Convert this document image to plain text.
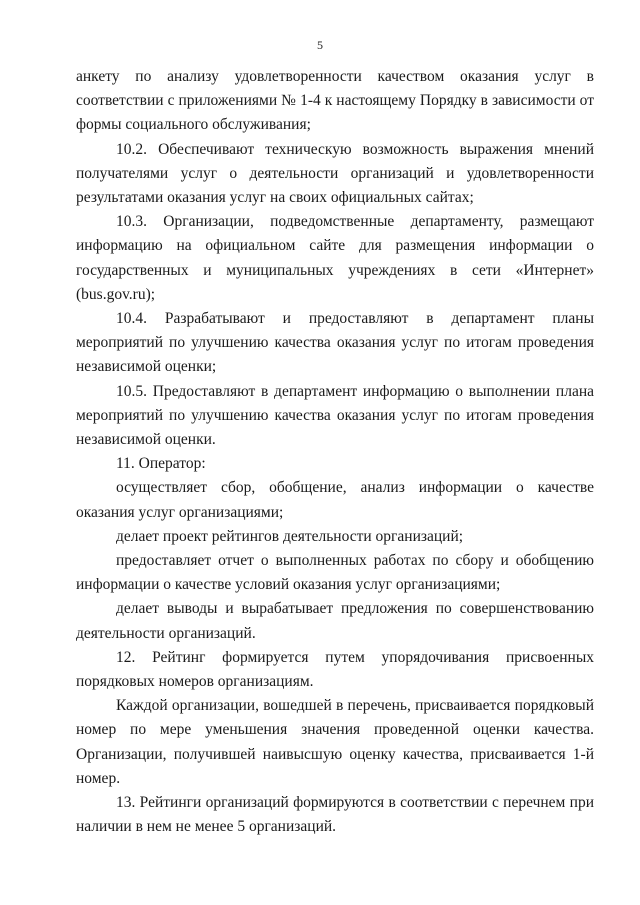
5

анкету по анализу удовлетворенности качеством оказания услуг в соответствии с приложениями № 1-4 к настоящему Порядку в зависимости от формы социального обслуживания;

10.2. Обеспечивают техническую возможность выражения мнений получателями услуг о деятельности организаций и удовлетворенности результатами оказания услуг на своих официальных сайтах;

10.3. Организации, подведомственные департаменту, размещают информацию на официальном сайте для размещения информации о государственных и муниципальных учреждениях в сети «Интернет» (bus.gov.ru);

10.4. Разрабатывают и предоставляют в департамент планы мероприятий по улучшению качества оказания услуг по итогам проведения независимой оценки;

10.5. Предоставляют в департамент информацию о выполнении плана мероприятий по улучшению качества оказания услуг по итогам проведения независимой оценки.

11. Оператор:

осуществляет сбор, обобщение, анализ информации о качестве оказания услуг организациями;

делает проект рейтингов деятельности организаций;

предоставляет отчет о выполненных работах по сбору и обобщению информации о качестве условий оказания услуг организациями;

делает выводы и вырабатывает предложения по совершенствованию деятельности организаций.

12. Рейтинг формируется путем упорядочивания присвоенных порядковых номеров организациям.

Каждой организации, вошедшей в перечень, присваивается порядковый номер по мере уменьшения значения проведенной оценки качества. Организации, получившей наивысшую оценку качества, присваивается 1-й номер.

13. Рейтинги организаций формируются в соответствии с перечнем при наличии в нем не менее 5 организаций.
